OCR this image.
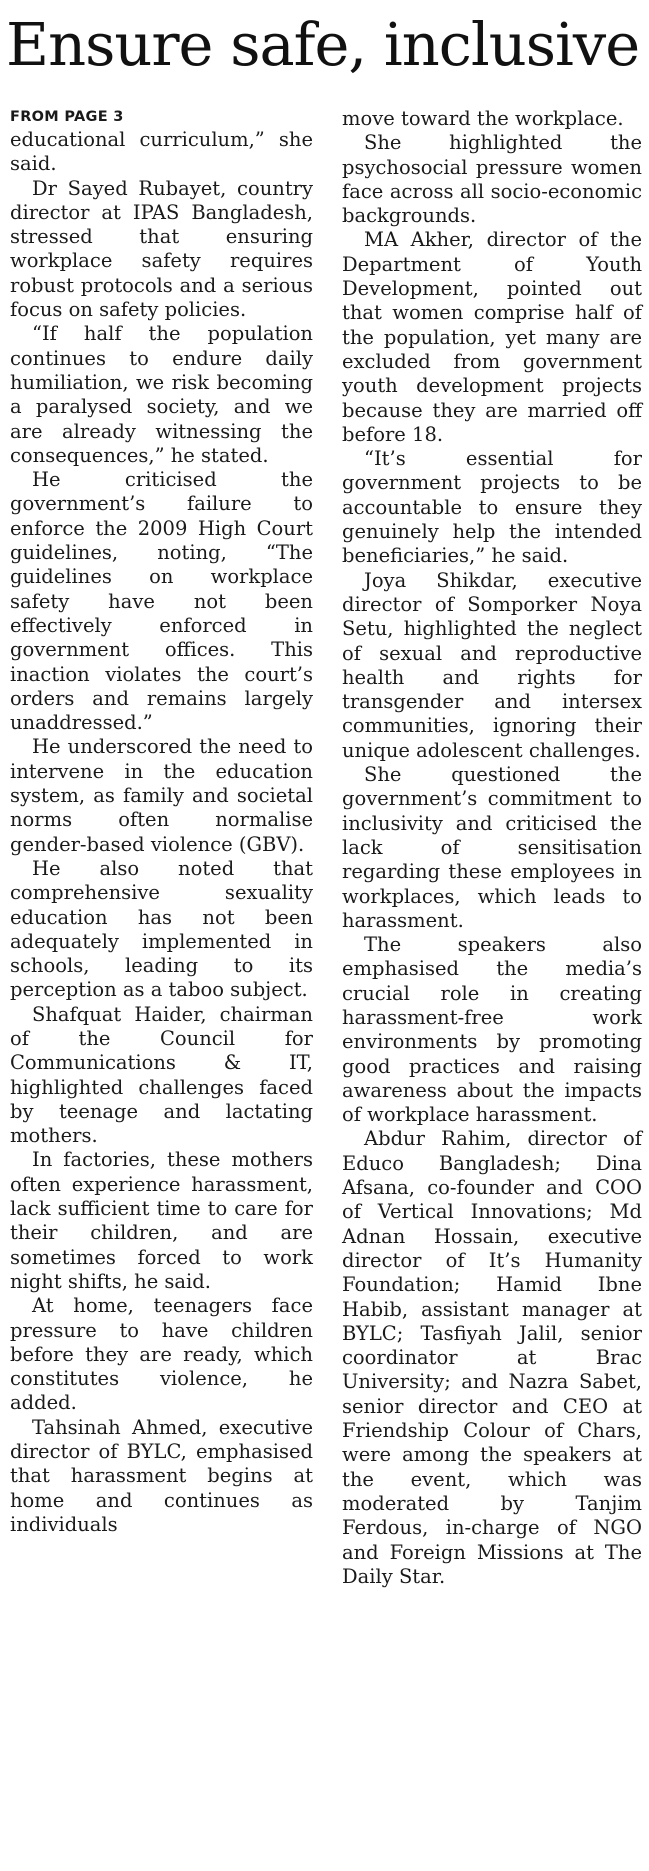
Ensure safe, inclusive
FROM PAGE 3

educational curriculum,” she said.

Dr Sayed Rubayet, country director at IPAS Bangladesh, stressed that ensuring workplace safety requires robust protocols and a serious focus on safety policies.

“If half the population continues to endure daily humiliation, we risk becoming a paralysed society, and we are already witnessing the consequences,” he stated.

He criticised the government’s failure to enforce the 2009 High Court guidelines, noting, “The guidelines on workplace safety have not been effectively enforced in government offices. This inaction violates the court’s orders and remains largely unaddressed.”

He underscored the need to intervene in the education system, as family and societal norms often normalise gender-based violence (GBV).

He also noted that comprehensive sexuality education has not been adequately implemented in schools, leading to its perception as a taboo subject.

Shafquat Haider, chairman of the Council for Communications & IT, highlighted challenges faced by teenage and lactating mothers.

In factories, these mothers often experience harassment, lack sufficient time to care for their children, and are sometimes forced to work night shifts, he said.

At home, teenagers face pressure to have children before they are ready, which constitutes violence, he added.

Tahsinah Ahmed, executive director of BYLC, emphasised that harassment begins at home and continues as individuals

move toward the workplace.

She highlighted the psychosocial pressure women face across all socio-economic backgrounds.

MA Akher, director of the Department of Youth Development, pointed out that women comprise half of the population, yet many are excluded from government youth development projects because they are married off before 18.

“It’s essential for government projects to be accountable to ensure they genuinely help the intended beneficiaries,” he said.

Joya Shikdar, executive director of Somporker Noya Setu, highlighted the neglect of sexual and reproductive health and rights for transgender and intersex communities, ignoring their unique adolescent challenges.

She questioned the government’s commitment to inclusivity and criticised the lack of sensitisation regarding these employees in workplaces, which leads to harassment.

The speakers also emphasised the media’s crucial role in creating harassment-free work environments by promoting good practices and raising awareness about the impacts of workplace harassment.

Abdur Rahim, director of Educo Bangladesh; Dina Afsana, co-founder and COO of Vertical Innovations; Md Adnan Hossain, executive director of It’s Humanity Foundation; Hamid Ibne Habib, assistant manager at BYLC; Tasfiyah Jalil, senior coordinator at Brac University; and Nazra Sabet, senior director and CEO at Friendship Colour of Chars, were among the speakers at the event, which was moderated by Tanjim Ferdous, in-charge of NGO and Foreign Missions at The Daily Star.
